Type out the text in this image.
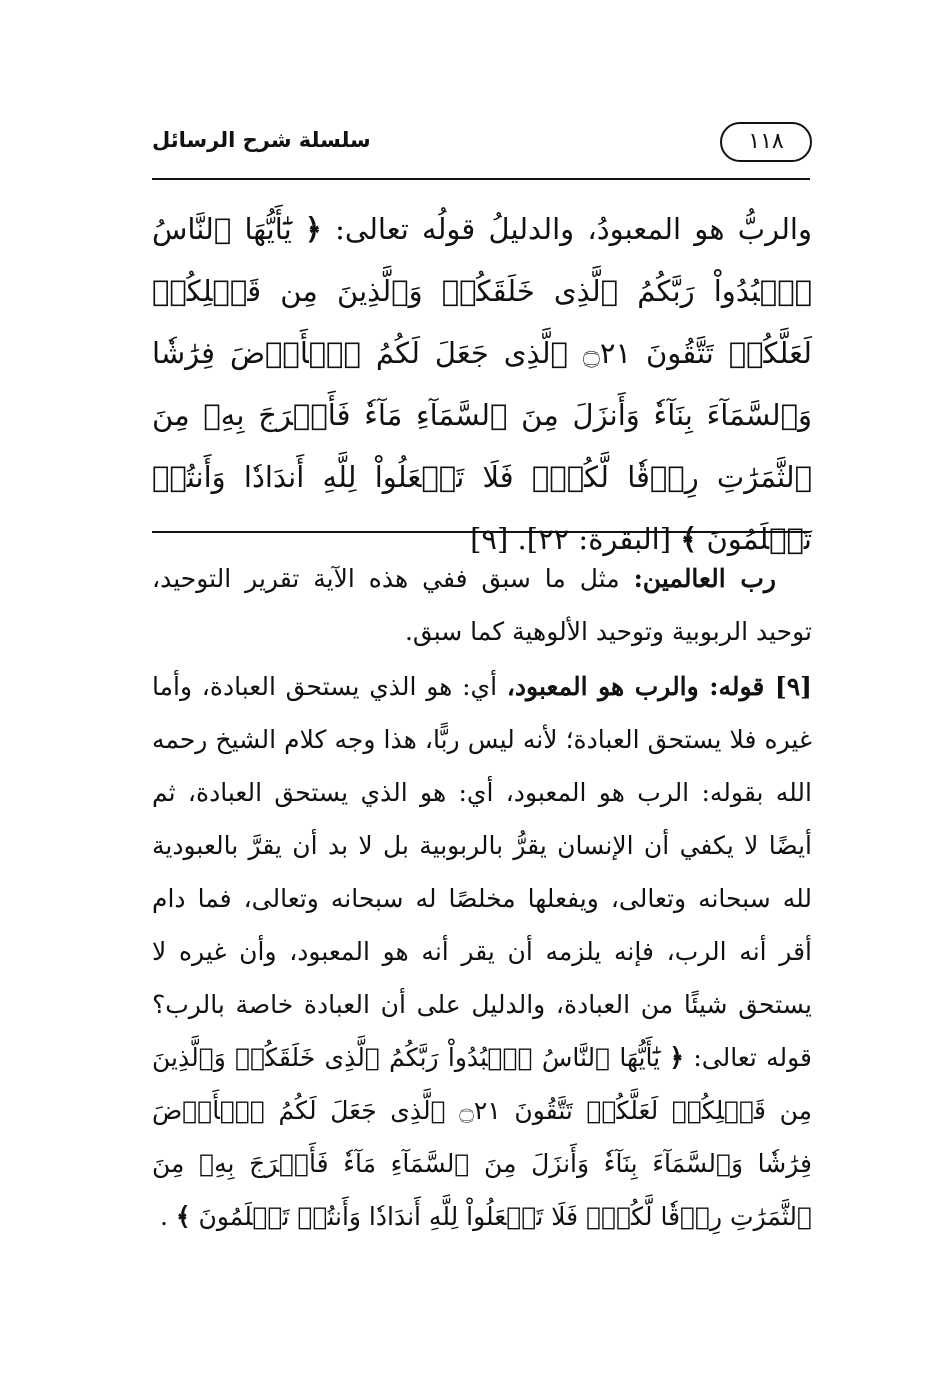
سلسلة شرح الرسائل	١١٨
والربُّ هو المعبودُ، والدليلُ قولُه تعالى: ﴿ يَٰٓأَيُّهَا ٱلنَّاسُ ٱعۡبُدُواْ رَبَّكُمُ ٱلَّذِى خَلَقَكُمۡ وَٱلَّذِينَ مِن قَبۡلِكُمۡ لَعَلَّكُمۡ تَتَّقُونَ ۝٢١ ٱلَّذِى جَعَلَ لَكُمُ ٱلۡأَرۡضَ فِرَٰشٗا وَٱلسَّمَآءَ بِنَآءٗ وَأَنزَلَ مِنَ ٱلسَّمَآءِ مَآءٗ فَأَخۡرَجَ بِهِۦ مِنَ ٱلثَّمَرَٰتِ رِزۡقٗا لَّكُمۡۖ فَلَا تَجۡعَلُواْ لِلَّهِ أَندَادٗا وَأَنتُمۡ تَعۡلَمُونَ ﴾ [البقرة: ٢٢]. [٩]

رب العالمين: مثل ما سبق ففي هذه الآية تقرير التوحيد، توحيد الربوبية وتوحيد الألوهية كما سبق.

[٩] قوله: والرب هو المعبود، أي: هو الذي يستحق العبادة، وأما غيره فلا يستحق العبادة؛ لأنه ليس ربًّا، هذا وجه كلام الشيخ رحمه الله بقوله: الرب هو المعبود، أي: هو الذي يستحق العبادة، ثم أيضًا لا يكفي أن الإنسان يقرُّ بالربوبية بل لا بد أن يقرَّ بالعبودية لله سبحانه وتعالى، ويفعلها مخلصًا له سبحانه وتعالى، فما دام أقر أنه الرب، فإنه يلزمه أن يقر أنه هو المعبود، وأن غيره لا يستحق شيئًا من العبادة، والدليل على أن العبادة خاصة بالرب؟ قوله تعالى: ﴿ يَٰٓأَيُّهَا ٱلنَّاسُ ٱعۡبُدُواْ رَبَّكُمُ ٱلَّذِى خَلَقَكُمۡ وَٱلَّذِينَ مِن قَبۡلِكُمۡ لَعَلَّكُمۡ تَتَّقُونَ ۝٢١ ٱلَّذِى جَعَلَ لَكُمُ ٱلۡأَرۡضَ فِرَٰشٗا وَٱلسَّمَآءَ بِنَآءٗ وَأَنزَلَ مِنَ ٱلسَّمَآءِ مَآءٗ فَأَخۡرَجَ بِهِۦ مِنَ ٱلثَّمَرَٰتِ رِزۡقٗا لَّكُمۡۖ فَلَا تَجۡعَلُواْ لِلَّهِ أَندَادٗا وَأَنتُمۡ تَعۡلَمُونَ ﴾ .
